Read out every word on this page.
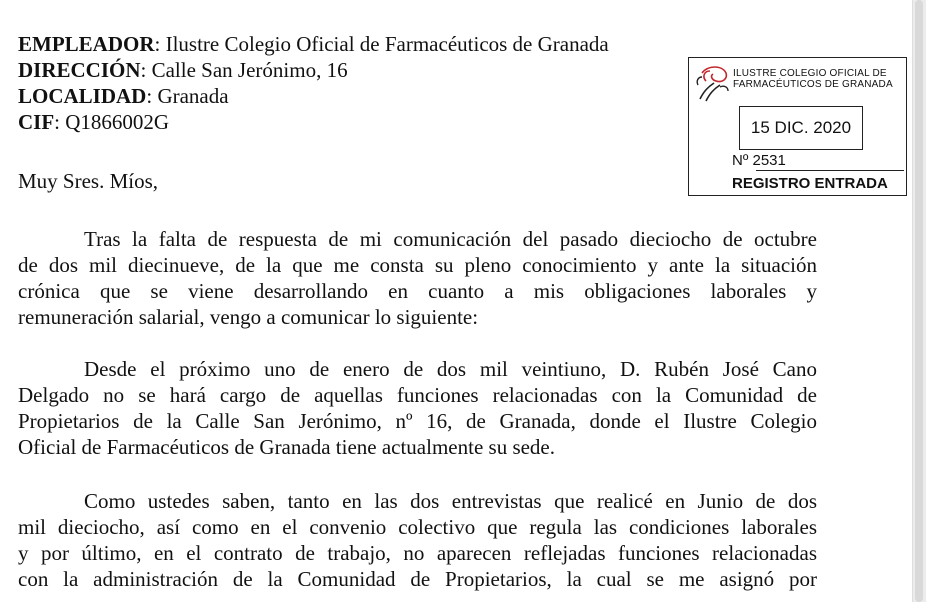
EMPLEADOR: Ilustre Colegio Oficial de Farmacéuticos de Granada
DIRECCIÓN: Calle San Jerónimo, 16
LOCALIDAD: Granada
CIF: Q1866002G
ILUSTRE COLEGIO OFICIAL DE
FARMACÉUTICOS DE GRANADA
15 DIC. 2020
Nº 2531
REGISTRO ENTRADA
Muy Sres. Míos,
Tras la falta de respuesta de mi comunicación del pasado dieciocho de octubre
de dos mil diecinueve, de la que me consta su pleno conocimiento y ante la situación
crónica que se viene desarrollando en cuanto a mis obligaciones laborales y
remuneración salarial, vengo a comunicar lo siguiente:
Desde el próximo uno de enero de dos mil veintiuno, D. Rubén José Cano
Delgado no se hará cargo de aquellas funciones relacionadas con la Comunidad de
Propietarios de la Calle San Jerónimo, nº 16, de Granada, donde el Ilustre Colegio
Oficial de Farmacéuticos de Granada tiene actualmente su sede.
Como ustedes saben, tanto en las dos entrevistas que realicé en Junio de dos
mil dieciocho, así como en el convenio colectivo que regula las condiciones laborales
y por último, en el contrato de trabajo, no aparecen reflejadas funciones relacionadas
con la administración de la Comunidad de Propietarios, la cual se me asignó por
